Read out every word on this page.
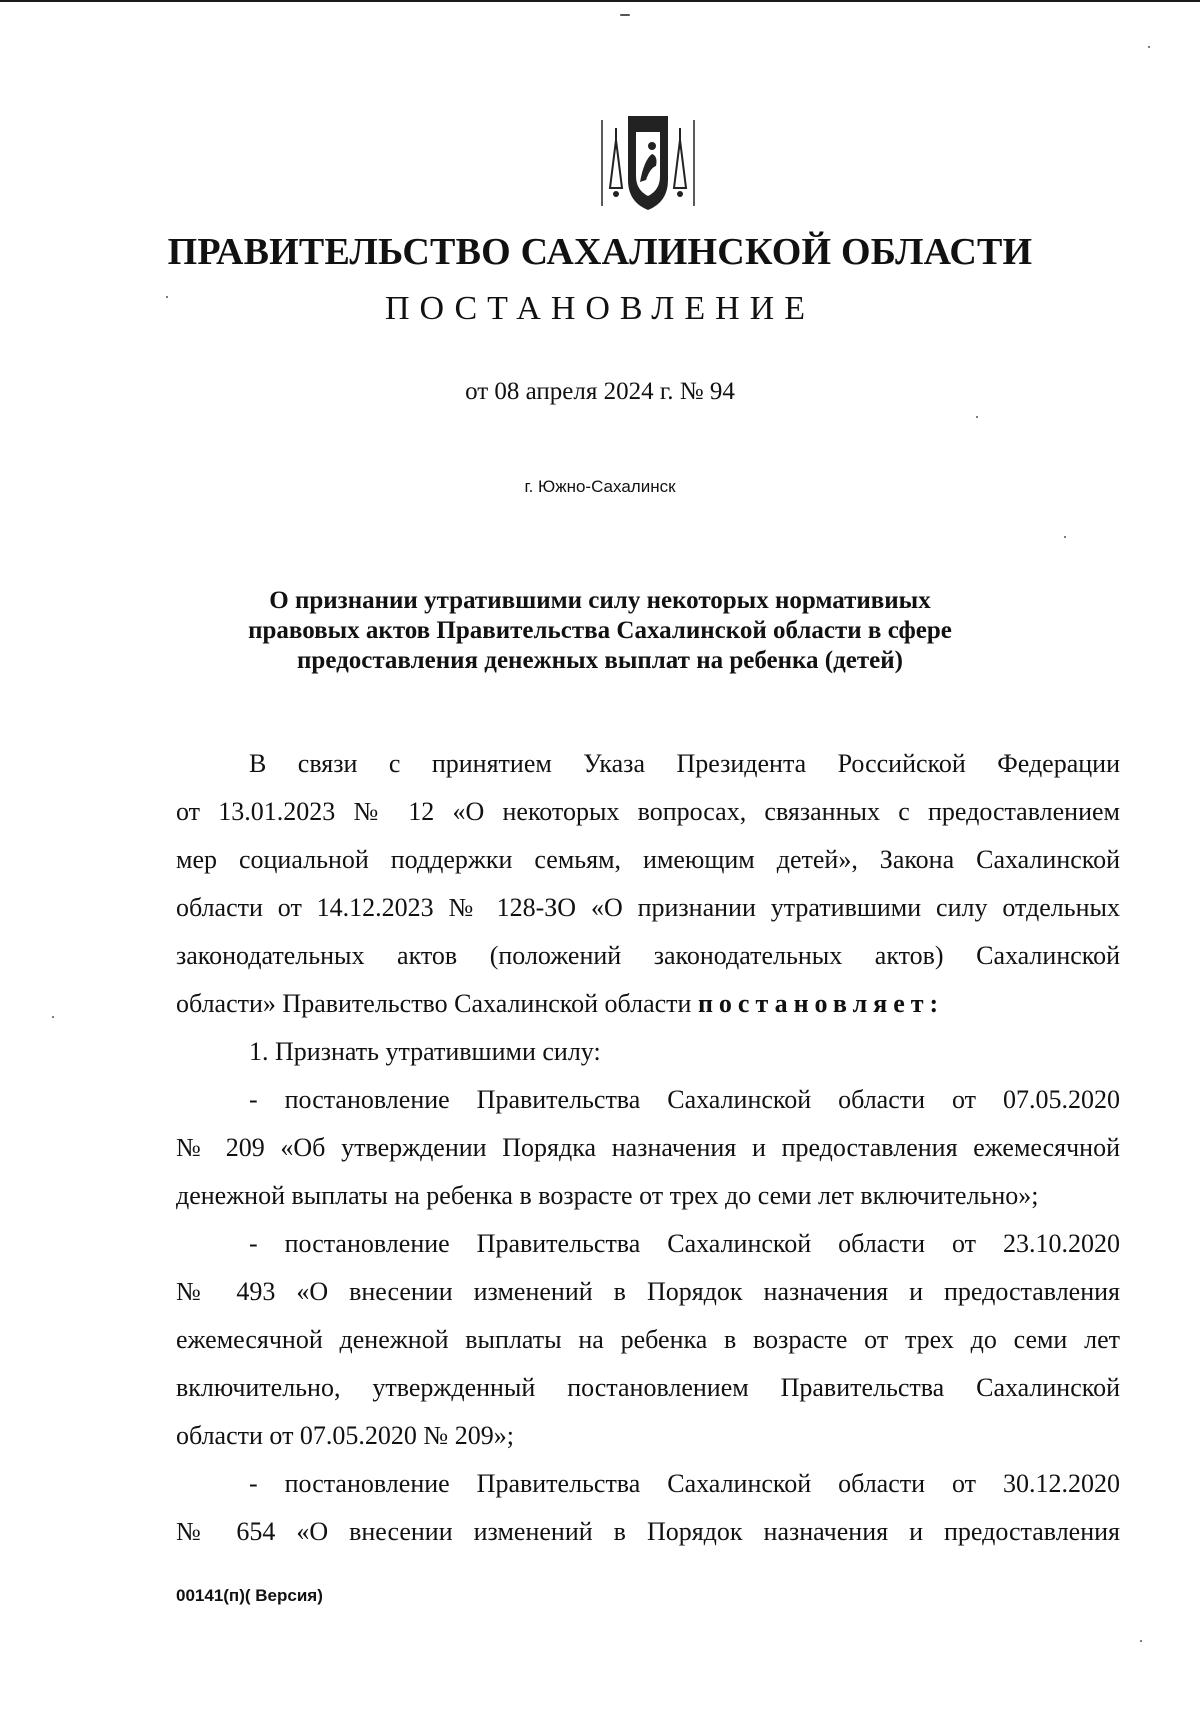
ПРАВИТЕЛЬСТВО САХАЛИНСКОЙ ОБЛАСТИ
ПОСТАНОВЛЕНИЕ
от 08 апреля 2024 г. № 94
г. Южно-Сахалинск
О признании утратившими силу некоторых нормативиых
правовых актов Правительства Сахалинской области в сфере
предоставления денежных выплат на ребенка (детей)
В связи с принятием Указа Президента Российской Федерации
от 13.01.2023 № 12 «О некоторых вопросах, связанных с предоставлением
мер социальной поддержки семьям, имеющим детей», Закона Сахалинской
области от 14.12.2023 № 128-ЗО «О признании утратившими силу отдельных
законодательных актов (положений законодательных актов) Сахалинской
области» Правительство Сахалинской области постановляет:
1. Признать утратившими силу:
- постановление Правительства Сахалинской области от 07.05.2020
№ 209 «Об утверждении Порядка назначения и предоставления ежемесячной
денежной выплаты на ребенка в возрасте от трех до семи лет включительно»;
- постановление Правительства Сахалинской области от 23.10.2020
№ 493 «О внесении изменений в Порядок назначения и предоставления
ежемесячной денежной выплаты на ребенка в возрасте от трех до семи лет
включительно, утвержденный постановлением Правительства Сахалинской
области от 07.05.2020 № 209»;
- постановление Правительства Сахалинской области от 30.12.2020
№ 654 «О внесении изменений в Порядок назначения и предоставления
00141(п)( Версия)
